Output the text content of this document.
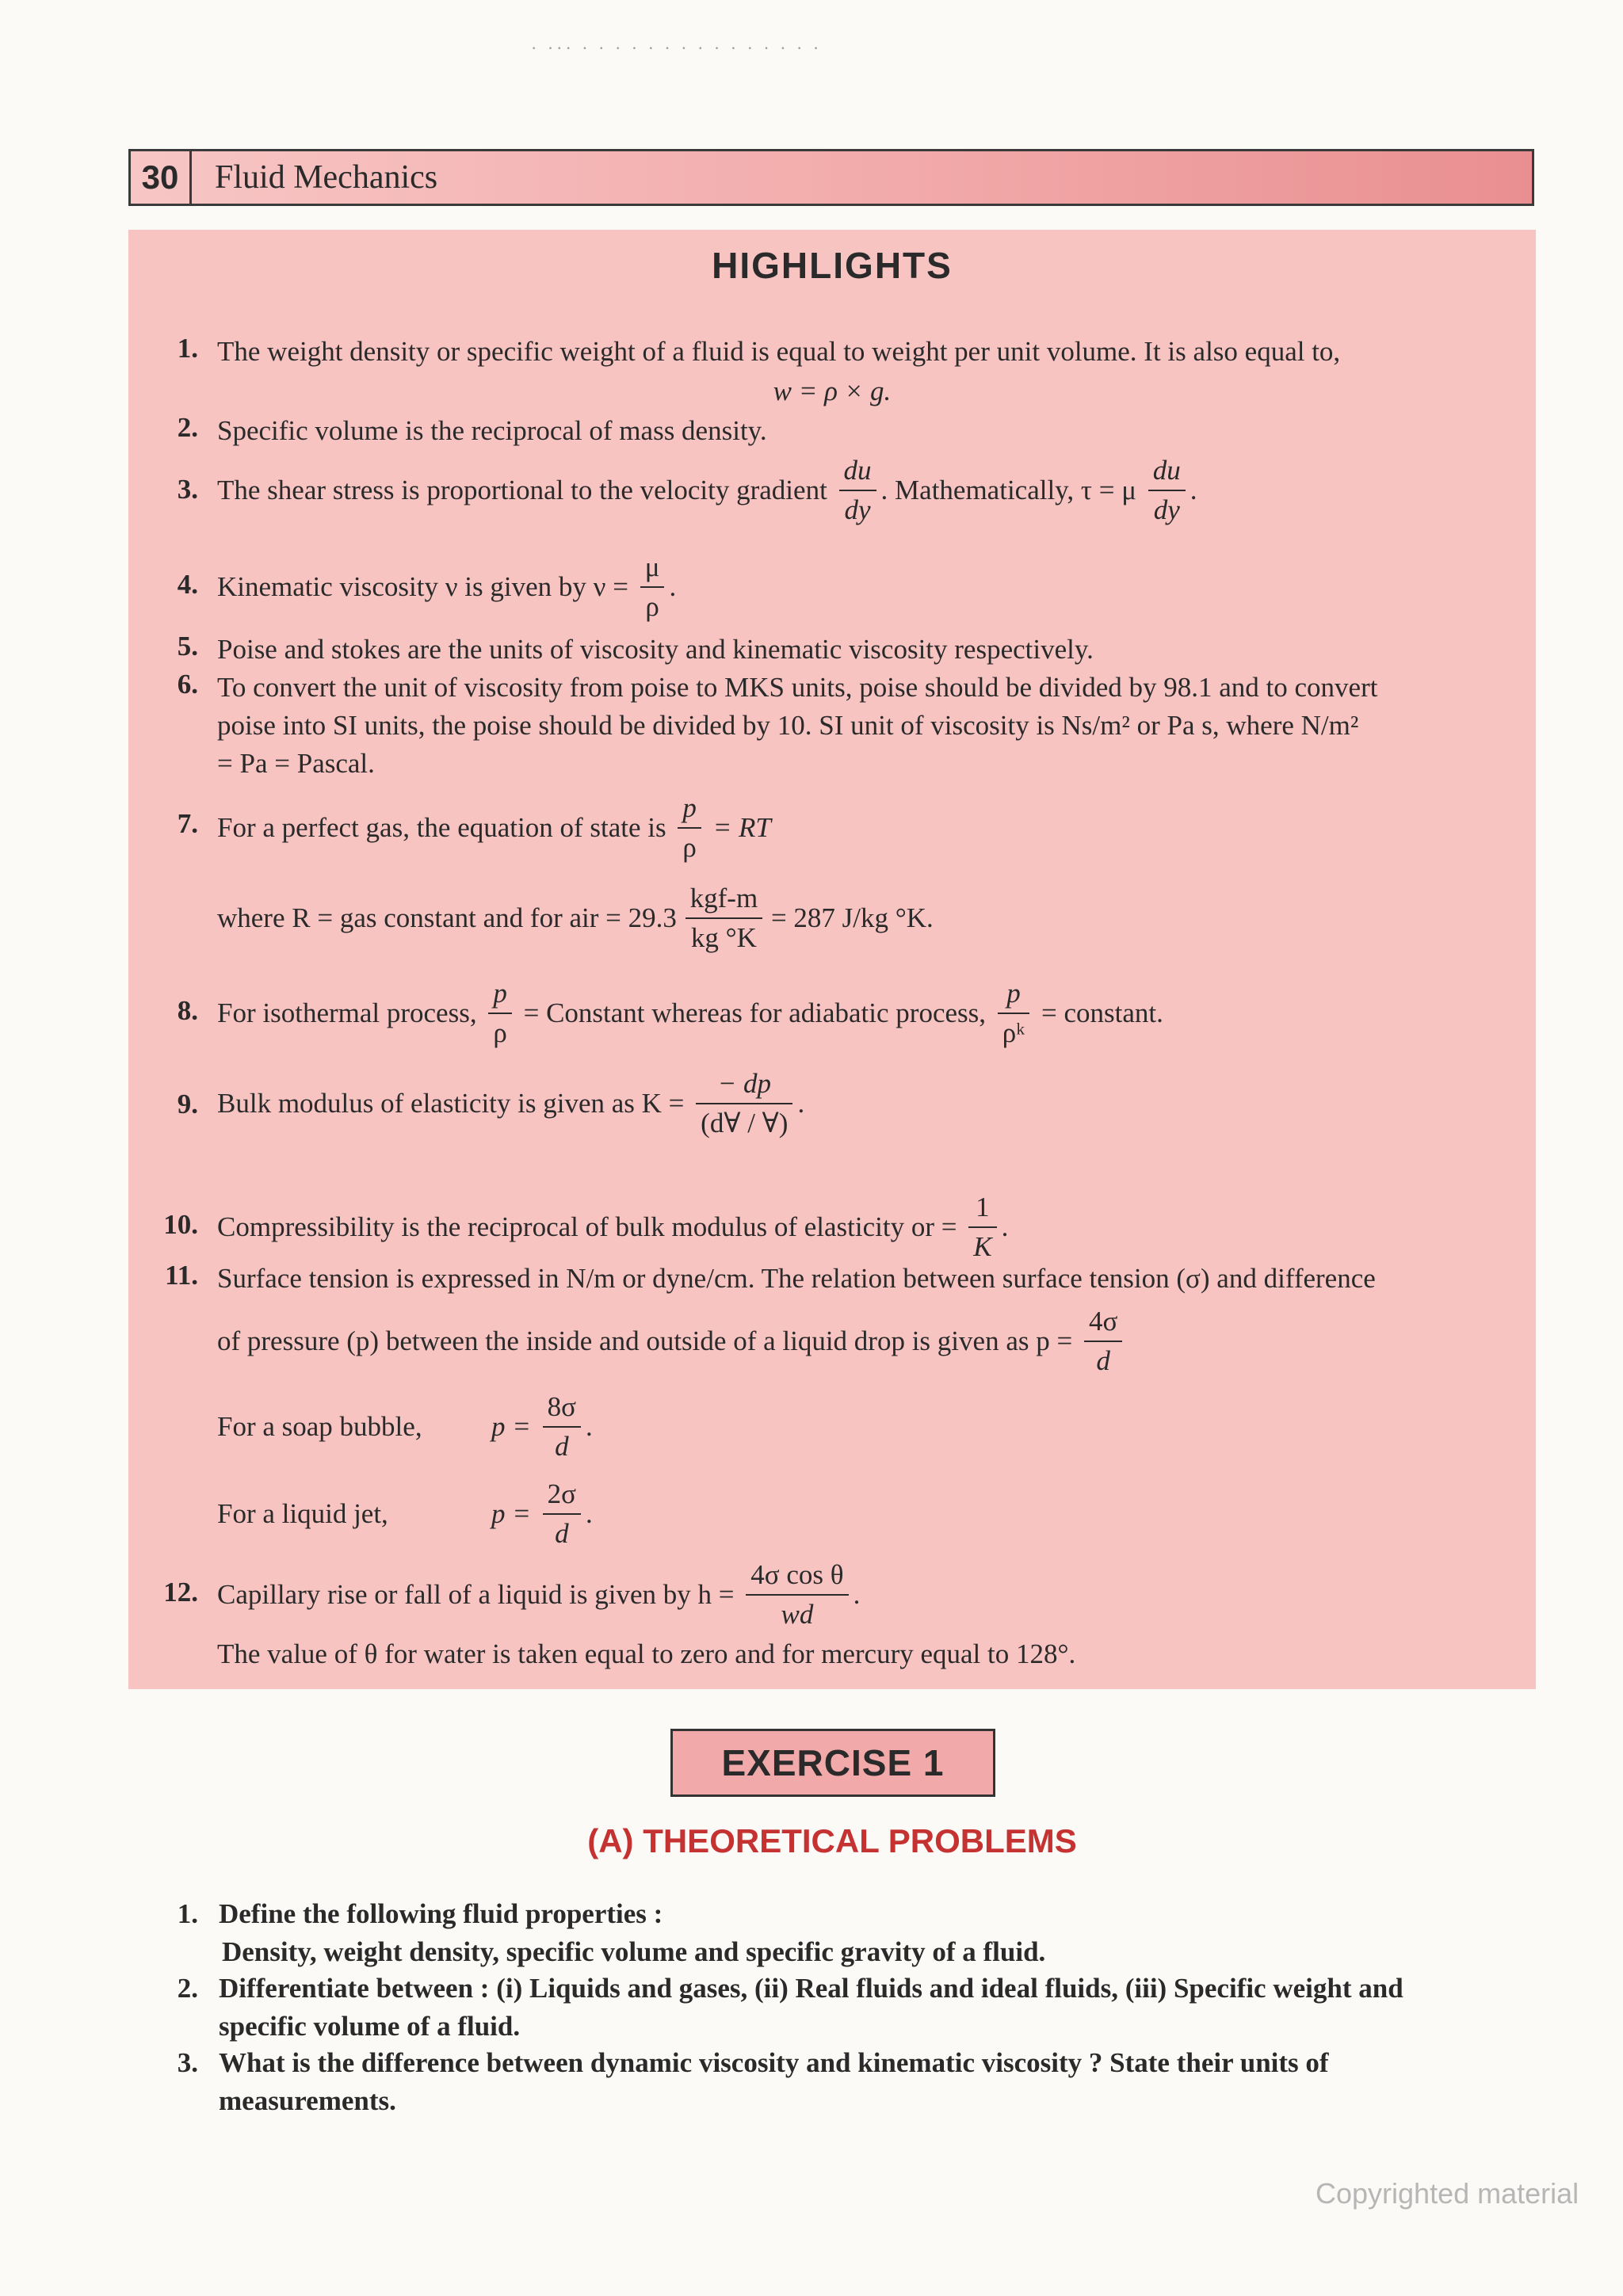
· ··· · · · · · · · · · · · · · · ·
30	Fluid Mechanics
HIGHLIGHTS
1. The weight density or specific weight of a fluid is equal to weight per unit volume. It is also equal to,
w = ρ × g.
2. Specific volume is the reciprocal of mass density.
3. The shear stress is proportional to the velocity gradient $\frac{du}{dy}$ . Mathematically, τ = μ $\frac{du}{dy}$ .
4. Kinematic viscosity ν is given by $\nu = \frac{\mu}{\rho}$ .
5. Poise and stokes are the units of viscosity and kinematic viscosity respectively.
6. To convert the unit of viscosity from poise to MKS units, poise should be divided by 98.1 and to convert
poise into SI units, the poise should be divided by 10. SI unit of viscosity is Ns/m² or Pa s, where N/m²
= Pa = Pascal.
7. For a perfect gas, the equation of state is $\frac{p}{\rho}$ = RT
where R = gas constant and for air = $29.3 \frac{\text{kgf-m}}{kg ^\circ K} = 287$ J/kg °K.
8. For isothermal process, $\frac{p}{\rho}$ = Constant whereas for adiabatic process, $\frac{p}{\text{ρᵏ}}$ = constant.
9. Bulk modulus of elasticity is given as $K = \frac{- dp}{(d\forall / \forall)}$ .
10. Compressibility is the reciprocal of bulk modulus of elasticity or = $\frac{1}{K}$ .
11. Surface tension is expressed in N/m or dyne/cm. The relation between surface tension (σ) and difference
of pressure (p) between the inside and outside of a liquid drop is given as $p = \frac{4\sigma}{d}$
For a soap bubble, $p = \frac{8\sigma}{d}$ .
For a liquid jet,	$p = \frac{2\sigma}{d}$ .
12. Capillary rise or fall of a liquid is given by $h = \frac{\text{4σ cos θ}}{wd}$ .
The value of θ for water is taken equal to zero and for mercury equal to 128°.
EXERCISE 1
(A) THEORETICAL PROBLEMS
1. Define the following fluid properties :
Density, weight density, specific volume and specific gravity of a fluid.
2. Differentiate between : (i) Liquids and gases, (ii) Real fluids and ideal fluids, (iii) Specific weight and
specific volume of a fluid.
3. What is the difference between dynamic viscosity and kinematic viscosity ? State their units of
measurements.
Copyrighted material
